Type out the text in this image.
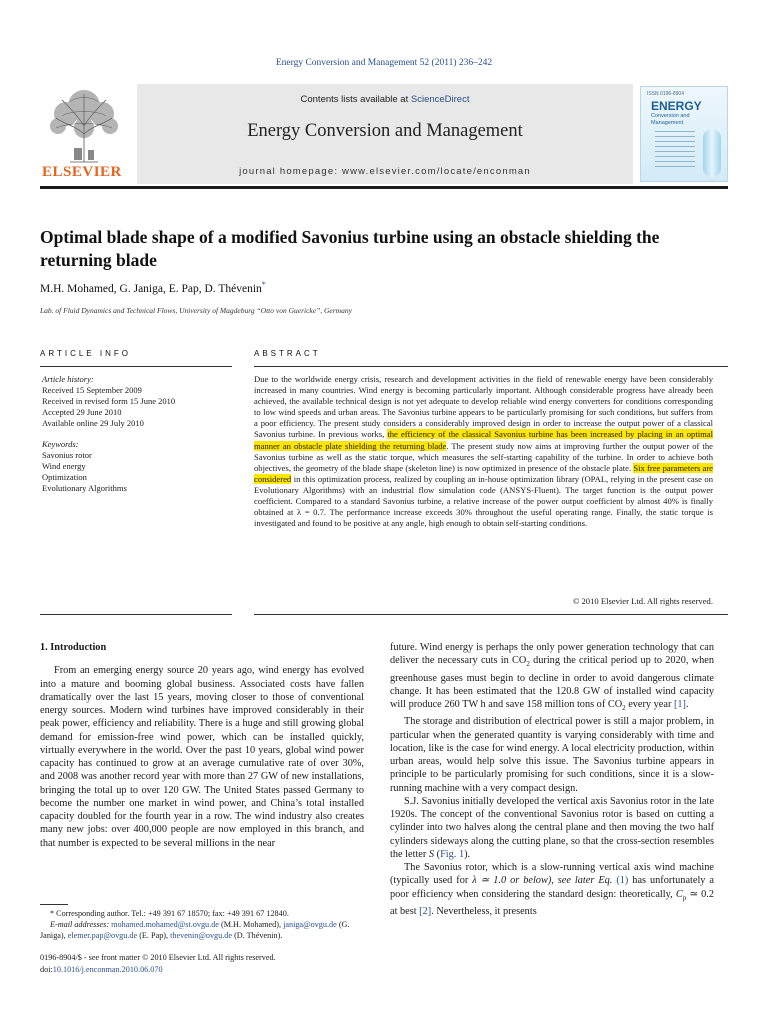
Energy Conversion and Management 52 (2011) 236–242
ELSEVIER
Contents lists available at ScienceDirect
Energy Conversion and Management
journal homepage: www.elsevier.com/locate/enconman
ISSN 0196-8904
ENERGY
Conversion and Management
Optimal blade shape of a modified Savonius turbine using an obstacle shielding the returning blade
M.H. Mohamed, G. Janiga, E. Pap, D. Thévenin*
Lab. of Fluid Dynamics and Technical Flows, University of Magdeburg “Otto von Guericke”, Germany
ARTICLE INFO	ABSTRACT
Article history:
Received 15 September 2009
Received in revised form 15 June 2010
Accepted 29 June 2010
Available online 29 July 2010
Keywords:
Savonius rotor
Wind energy
Optimization
Evolutionary Algorithms
Due to the worldwide energy crisis, research and development activities in the field of renewable energy have been considerably increased in many countries. Wind energy is becoming particularly important. Although considerable progress have already been achieved, the available technical design is not yet adequate to develop reliable wind energy converters for conditions corresponding to low wind speeds and urban areas. The Savonius turbine appears to be particularly promising for such conditions, but suffers from a poor efficiency. The present study considers a considerably improved design in order to increase the output power of a classical Savonius turbine. In previous works, the efficiency of the classical Savonius turbine has been increased by placing in an optimal manner an obstacle plate shielding the returning blade. The present study now aims at improving further the output power of the Savonius turbine as well as the static torque, which measures the self-starting capability of the turbine. In order to achieve both objectives, the geometry of the blade shape (skeleton line) is now optimized in presence of the obstacle plate. Six free parameters are considered in this optimization process, realized by coupling an in-house optimization library (OPAL, relying in the present case on Evolutionary Algorithms) with an industrial flow simulation code (ANSYS-Fluent). The target function is the output power coefficient. Compared to a standard Savonius turbine, a relative increase of the power output coefficient by almost 40% is finally obtained at λ = 0.7. The performance increase exceeds 30% throughout the useful operating range. Finally, the static torque is investigated and found to be positive at any angle, high enough to obtain self-starting conditions.
© 2010 Elsevier Ltd. All rights reserved.

1. Introduction

From an emerging energy source 20 years ago, wind energy has evolved into a mature and booming global business. Associated costs have fallen dramatically over the last 15 years, moving closer to those of conventional energy sources. Modern wind turbines have improved considerably in their peak power, efficiency and reliability. There is a huge and still growing global demand for emission-free wind power, which can be installed quickly, virtually everywhere in the world. Over the past 10 years, global wind power capacity has continued to grow at an average cumulative rate of over 30%, and 2008 was another record year with more than 27 GW of new installations, bringing the total up to over 120 GW. The United States passed Germany to become the number one market in wind power, and China’s total installed capacity doubled for the fourth year in a row. The wind industry also creates many new jobs: over 400,000 people are now employed in this branch, and that number is expected to be several millions in the near

future. Wind energy is perhaps the only power generation technology that can deliver the necessary cuts in $CO_2$ during the critical period up to 2020, when greenhouse gases must begin to decline in order to avoid dangerous climate change. It has been estimated that the 120.8 GW of installed wind capacity will produce 260 TW h and save 158 million tons of $CO_2$ every year [1].

The storage and distribution of electrical power is still a major problem, in particular when the generated quantity is varying considerably with time and location, like is the case for wind energy. A local electricity production, within urban areas, would help solve this issue. The Savonius turbine appears in principle to be particularly promising for such conditions, since it is a slow-running machine with a very compact design.

S.J. Savonius initially developed the vertical axis Savonius rotor in the late 1920s. The concept of the conventional Savonius rotor is based on cutting a cylinder into two halves along the central plane and then moving the two half cylinders sideways along the cutting plane, so that the cross-section resembles the letter S (Fig. 1).

The Savonius rotor, which is a slow-running vertical axis wind machine (typically used for λ ≃ 1.0 or below), see later Eq. (1) has unfortunately a poor efficiency when considering the standard design: theoretically, $C_p$ ≃ 0.2 at best [2]. Nevertheless, it presents

* Corresponding author. Tel.: +49 391 67 18570; fax: +49 391 67 12840.
E-mail addresses: mohamed.mohamed@st.ovgu.de (M.H. Mohamed), janiga@ovgu.de (G. Janiga), elemer.pap@ovgu.de (E. Pap), thevenin@ovgu.de (D. Thévenin).
0196-8904/$ - see front matter © 2010 Elsevier Ltd. All rights reserved.
doi:10.1016/j.enconman.2010.06.070
